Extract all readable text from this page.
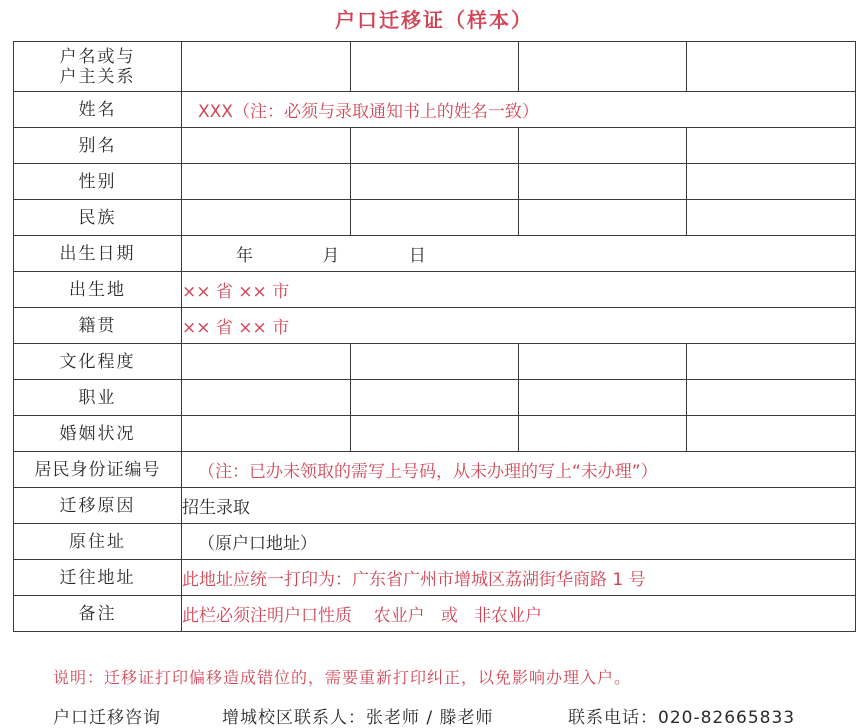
户口迁移证（样本）
户名或与
户主关系				

姓名	XXX（注：必须与录取通知书上的姓名一致）			
别名				
性别				
民族				
出生日期	年 月 日			
出生地	×× 省 ×× 市			
籍贯	×× 省 ×× 市			
文化程度				
职业				
婚姻状况				
居民身份证编号	（注：已办未领取的需写上号码，从未办理的写上“未办理”）			
迁移原因	招生录取			
原住址	（原户口地址）			
迁往地址	此地址应统一打印为：广东省广州市增城区荔湖街华商路 1 号			
备注	此栏必须注明户口性质    农业户   或   非农业户			
说明：迁移证打印偏移造成错位的，需要重新打印纠正，以免影响办理入户。
户口迁移咨询	增城校区联系人：张老师 / 滕老师	联系电话：020-82665833
